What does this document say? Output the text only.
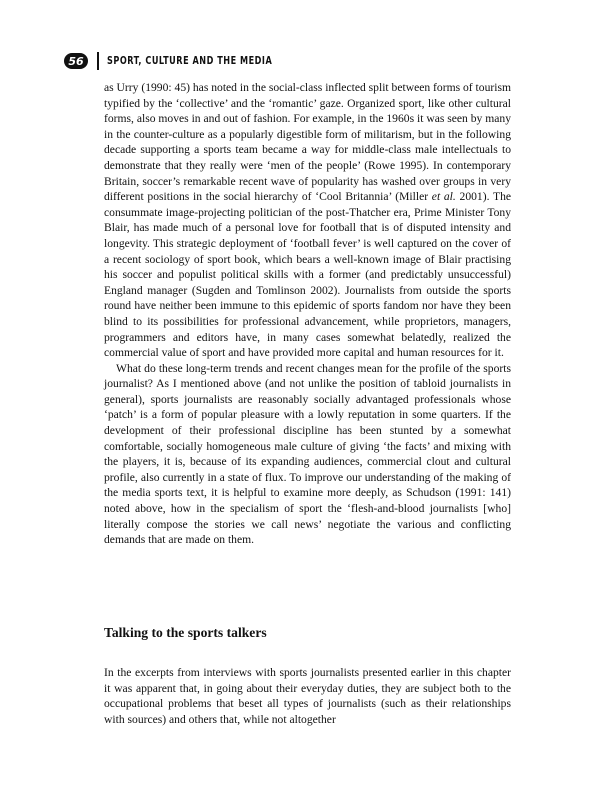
56	SPORT, CULTURE AND THE MEDIA

as Urry (1990: 45) has noted in the social-class inflected split between forms of tourism typified by the ‘collective’ and the ‘romantic’ gaze. Organized sport, like other cultural forms, also moves in and out of fashion. For example, in the 1960s it was seen by many in the counter-culture as a popularly digestible form of militarism, but in the following decade supporting a sports team became a way for middle-class male intellectuals to demonstrate that they really were ‘men of the people’ (Rowe 1995). In contemporary Britain, soccer’s remarkable recent wave of popularity has washed over groups in very different positions in the social hierarchy of ‘Cool Britannia’ (Miller et al. 2001). The consummate image-projecting politician of the post-Thatcher era, Prime Minister Tony Blair, has made much of a personal love for football that is of disputed intensity and longevity. This strategic deployment of ‘football fever’ is well captured on the cover of a recent sociology of sport book, which bears a well-known image of Blair practising his soccer and populist political skills with a former (and predictably unsuccessful) England manager (Sugden and Tomlinson 2002). Journalists from outside the sports round have neither been immune to this epidemic of sports fandom nor have they been blind to its possibilities for professional advancement, while proprietors, managers, programmers and editors have, in many cases somewhat belatedly, realized the commercial value of sport and have provided more capital and human resources for it.

What do these long-term trends and recent changes mean for the profile of the sports journalist? As I mentioned above (and not unlike the position of tabloid journalists in general), sports journalists are reasonably socially advantaged professionals whose ‘patch’ is a form of popular pleasure with a lowly reputation in some quarters. If the development of their professional discipline has been stunted by a somewhat comfortable, socially homogeneous male culture of giving ‘the facts’ and mixing with the players, it is, because of its expanding audiences, commercial clout and cultural profile, also currently in a state of flux. To improve our understanding of the making of the media sports text, it is helpful to examine more deeply, as Schudson (1991: 141) noted above, how in the specialism of sport the ‘flesh-and-blood journalists [who] literally compose the stories we call news’ negotiate the various and conflicting demands that are made on them.

Talking to the sports talkers

In the excerpts from interviews with sports journalists presented earlier in this chapter it was apparent that, in going about their everyday duties, they are subject both to the occupational problems that beset all types of journalists (such as their relationships with sources) and others that, while not altogether
